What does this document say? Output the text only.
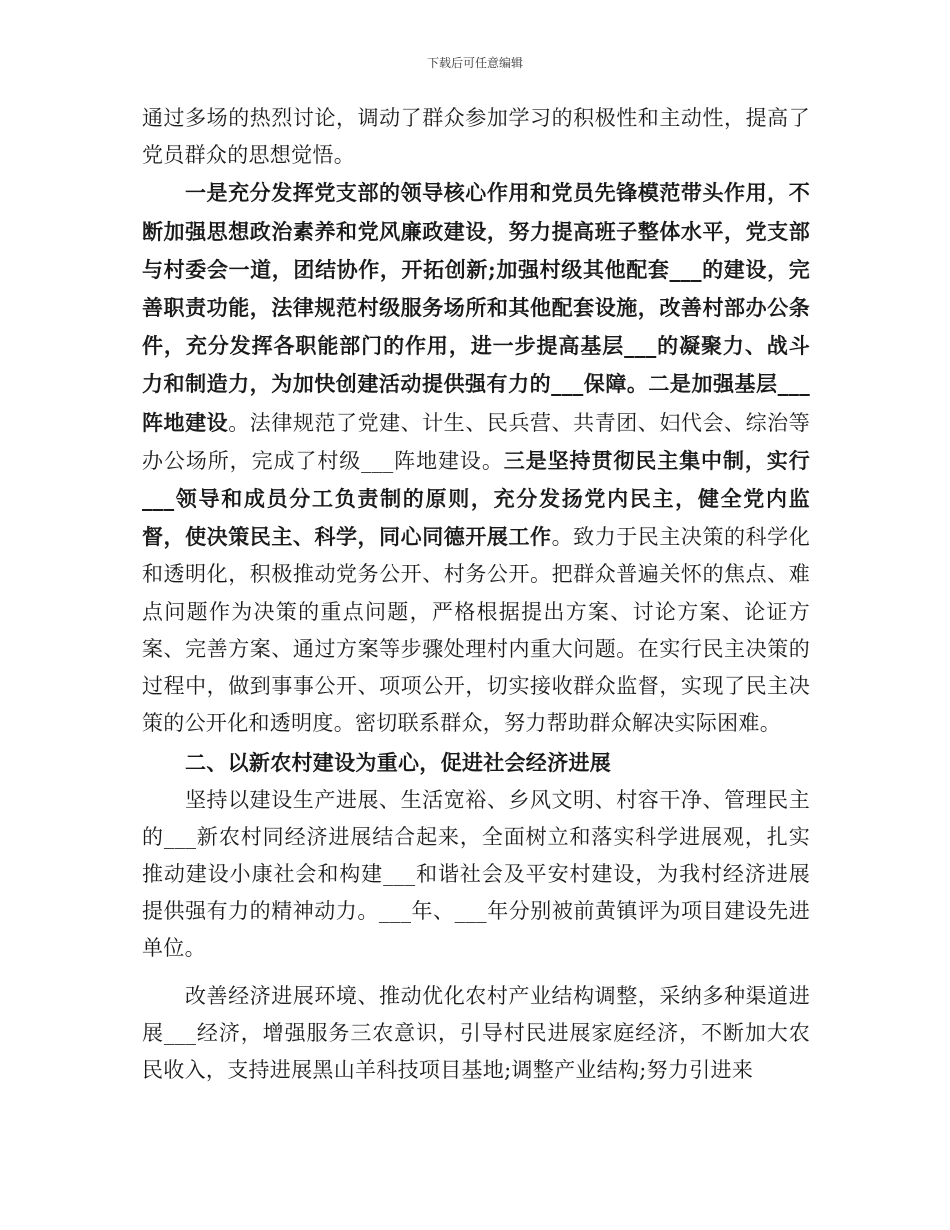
下载后可任意编辑

通过多场的热烈讨论，调动了群众参加学习的积极性和主动性，提高了党员群众的思想觉悟。

一是充分发挥党支部的领导核心作用和党员先锋模范带头作用，不断加强思想政治素养和党风廉政建设，努力提高班子整体水平，党支部与村委会一道，团结协作，开拓创新;加强村级其他配套___的建设，完善职责功能，法律规范村级服务场所和其他配套设施，改善村部办公条件，充分发挥各职能部门的作用，进一步提高基层___的凝聚力、战斗力和制造力，为加快创建活动提供强有力的___保障。二是加强基层___阵地建设。法律规范了党建、计生、民兵营、共青团、妇代会、综治等办公场所，完成了村级___阵地建设。三是坚持贯彻民主集中制，实行___领导和成员分工负责制的原则，充分发扬党内民主，健全党内监督，使决策民主、科学，同心同德开展工作。致力于民主决策的科学化和透明化，积极推动党务公开、村务公开。把群众普遍关怀的焦点、难点问题作为决策的重点问题，严格根据提出方案、讨论方案、论证方案、完善方案、通过方案等步骤处理村内重大问题。在实行民主决策的过程中，做到事事公开、项项公开，切实接收群众监督，实现了民主决策的公开化和透明度。密切联系群众，努力帮助群众解决实际困难。

二、以新农村建设为重心，促进社会经济进展

坚持以建设生产进展、生活宽裕、乡风文明、村容干净、管理民主的___新农村同经济进展结合起来，全面树立和落实科学进展观，扎实推动建设小康社会和构建___和谐社会及平安村建设，为我村经济进展提供强有力的精神动力。___年、___年分别被前黄镇评为项目建设先进单位。

改善经济进展环境、推动优化农村产业结构调整，采纳多种渠道进展___经济，增强服务三农意识，引导村民进展家庭经济，不断加大农民收入，支持进展黑山羊科技项目基地;调整产业结构;努力引进来
